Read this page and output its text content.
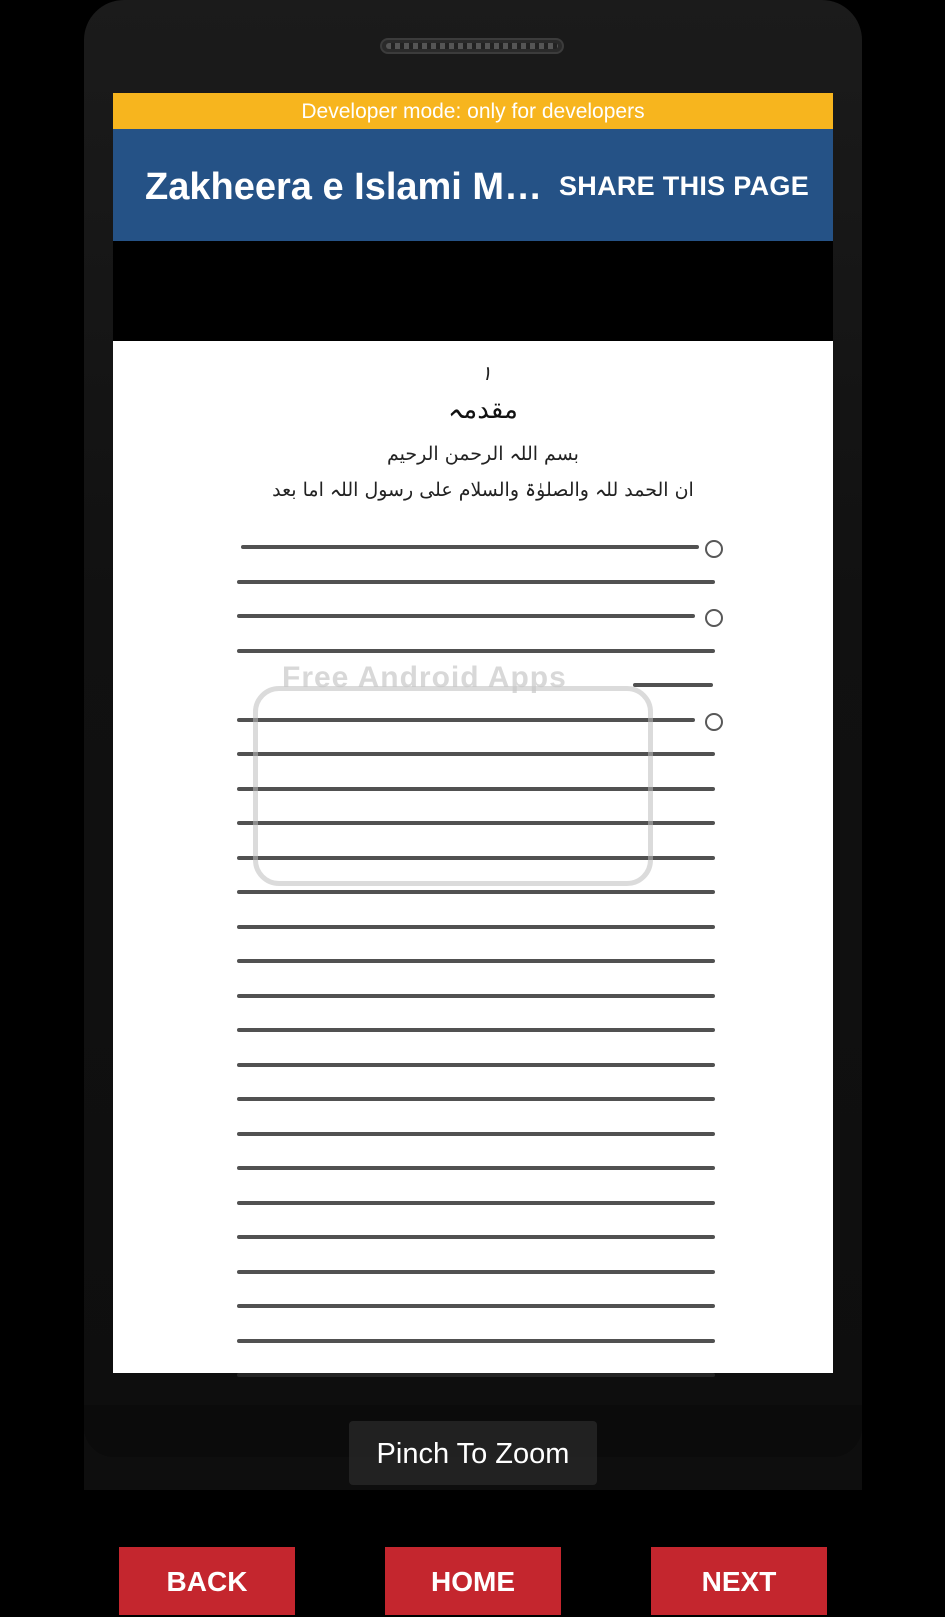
Developer mode: only for developers
Zakheera e Islami M… SHARE THIS PAGE
۱
مقدمہ
بسم اللہ الرحمن الرحیم
ان الحمد للہ والصلوٰۃ والسلام علی رسول اللہ اما بعد
Free Android Apps
Pinch To Zoom
BACK	HOME	NEXT
